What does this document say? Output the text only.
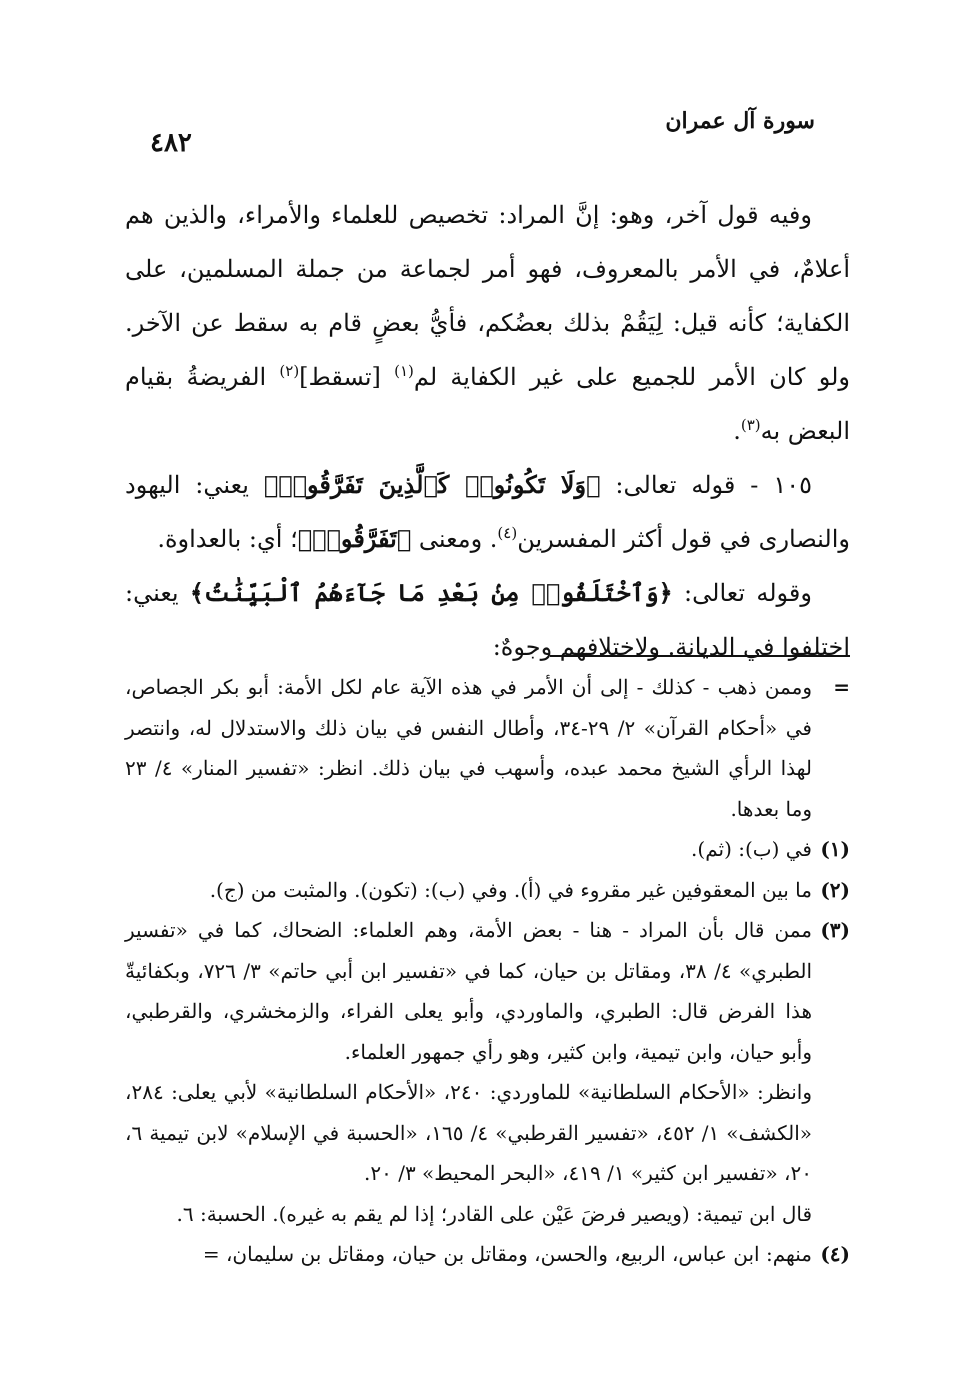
سورة آل عمران
٤٨٢

وفيه قول آخر، وهو: إنَّ المراد: تخصيص للعلماء والأمراء، والذين هم أعلامٌ، في الأمر بالمعروف، فهو أمر لجماعة من جملة المسلمين، على الكفاية؛ كأنه قيل: لِيَقُمْ بذلك بعضُكم، فأيُّ بعضٍ قام به سقط عن الآخر. ولو كان الأمر للجميع على غير الكفاية لم$^{(١)}$ [تسقط]$^{(٢)}$ الفريضةُ بقيام البعض به$^{(٣)}$.

١٠٥ - قوله تعالى: ﴿وَلَا تَكُونُوا۟ كَٱلَّذِينَ تَفَرَّقُوا۟﴾ يعني: اليهود والنصارى في قول أكثر المفسرين$^{(٤)}$. ومعنى ﴿تَفَرَّقُوا۟﴾؛ أي: بالعداوة.

وقوله تعالى: ﴿وَٱخْتَلَفُوا۟ مِنۢ بَعْدِ مَا جَآءَهُمُ ٱلْبَيِّنَٰتُ﴾ يعني: اختلفوا في الديانة. ولاختلافهم وجوهٌ:

=

وممن ذهب - كذلك - إلى أن الأمر في هذه الآية عام لكل الأمة: أبو بكر الجصاص، في «أحكام القرآن» ٢/ ٢٩-٣٤، وأطال النفس في بيان ذلك والاستدلال له، وانتصر لهذا الرأي الشيخ محمد عبده، وأسهب في بيان ذلك. انظر: «تفسير المنار» ٤/ ٢٣ وما بعدها.

(١)

في (ب): (ثم).

(٢)

ما بين المعقوفين غير مقروء في (أ). وفي (ب): (تكون). والمثبت من (ج).

(٣)

ممن قال بأن المراد - هنا - بعض الأمة، وهم العلماء: الضحاك، كما في «تفسير الطبري» ٤/ ٣٨، ومقاتل بن حيان، كما في «تفسير ابن أبي حاتم» ٣/ ٧٢٦، وبكفائيةّ هذا الفرض قال: الطبري، والماوردي، وأبو يعلى الفراء، والزمخشري، والقرطبي، وأبو حيان، وابن تيمية، وابن كثير، وهو رأي جمهور العلماء.

وانظر: «الأحكام السلطانية» للماوردي: ٢٤٠، «الأحكام السلطانية» لأبي يعلى: ٢٨٤، «الكشف» ١/ ٤٥٢، «تفسير القرطبي» ٤/ ١٦٥، «الحسبة في الإسلام» لابن تيمية ٦، ٢٠، «تفسير ابن كثير» ١/ ٤١٩، «البحر المحيط» ٣/ ٢٠.

قال ابن تيمية: (ويصير فرضَ عَيْن على القادر؛ إذا لم يقم به غيره). الحسبة: ٦.

(٤)

منهم: ابن عباس، الربيع، والحسن، ومقاتل بن حيان، ومقاتل بن سليمان، =
